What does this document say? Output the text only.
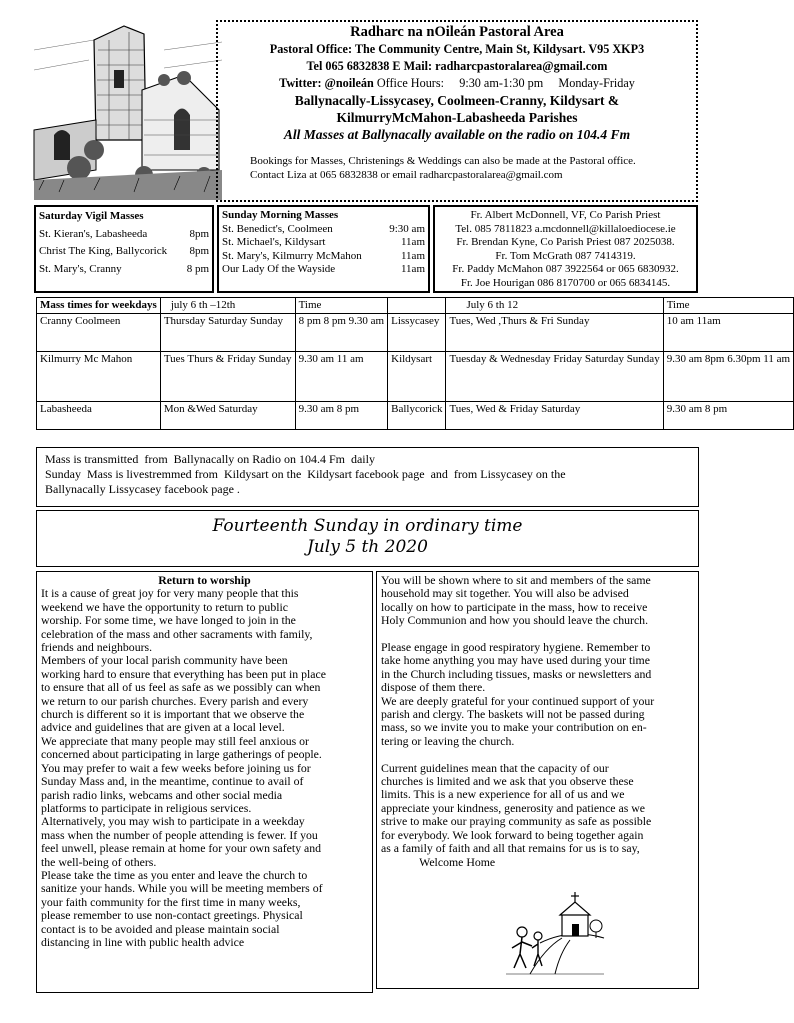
Radharc na nOileán Pastoral Area
Pastoral Office: The Community Centre, Main St, Kildysart. V95 XKP3
Tel 065 6832838 E Mail: radharcpastoralarea@gmail.com
Twitter: @noileán Office Hours:     9:30 am-1:30 pm     Monday-Friday
Ballynacally-Lissycasey, Coolmeen-Cranny, Kildysart &
KilmurryMcMahon-Labasheeda Parishes
All Masses at Ballynacally available on the radio on 104.4 Fm
Bookings for Masses, Christenings & Weddings can also be made at the Pastoral office.
Contact Liza at 065 6832838 or email radharcpastoralarea@gmail.com
Saturday Vigil Masses
St. Kieran's, Labasheeda	8pm
Christ The King, Ballycorick 8pm
St. Mary's, Cranny	8 pm
Sunday Morning Masses
St. Benedict's, Coolmeen	9:30 am
St. Michael's, Kildysart	11am
St. Mary's, Kilmurry McMahon	11am
Our Lady Of the Wayside	11am
Fr. Albert McDonnell, VF, Co Parish Priest
Tel. 085 7811823 a.mcdonnell@killaloediocese.ie
Fr. Brendan Kyne, Co Parish Priest 087 2025038.
Fr. Tom McGrath 087 7414319.
Fr. Paddy McMahon 087 3922564 or 065 6830932.
Fr. Joe Hourigan 086 8170700 or 065 6834145.
Mass times for weekdays	july 6 th –12th	Time		July 6 th 12	Time
Cranny Coolmeen	Thursday Saturday Sunday	8 pm 8 pm 9.30 am	Lissycasey	Tues, Wed ,Thurs & Fri Sunday	10 am 11am
Kilmurry Mc Mahon	Tues Thurs & Friday Sunday	9.30 am 11 am	Kildysart	Tuesday & Wednesday Friday Saturday Sunday	9.30 am 8pm 6.30pm 11 am
Labasheeda	Mon &Wed Saturday	9.30 am 8 pm	Ballycorick	Tues, Wed & Friday Saturday	9.30 am 8 pm
Mass is transmitted  from  Ballynacally on Radio on 104.4 Fm  daily
Sunday  Mass is livestremmed from  Kildysart on the  Kildysart facebook page  and  from Lissycasey on the
Ballynacally Lissycasey facebook page .
Fourteenth Sunday in ordinary time
July 5 th 2020
Return to worship
It is a cause of great joy for very many people that this
weekend we have the opportunity to return to public
worship. For some time, we have longed to join in the
celebration of the mass and other sacraments with family,
friends and neighbours.
Members of your local parish community have been
working hard to ensure that everything has been put in place
to ensure that all of us feel as safe as we possibly can when
we return to our parish churches. Every parish and every
church is different so it is important that we observe the
advice and guidelines that are given at a local level.
We appreciate that many people may still feel anxious or
concerned about participating in large gatherings of people.
You may prefer to wait a few weeks before joining us for
Sunday Mass and, in the meantime, continue to avail of
parish radio links, webcams and other social media
platforms to participate in religious services.
Alternatively, you may wish to participate in a weekday
mass when the number of people attending is fewer. If you
feel unwell, please remain at home for your own safety and
the well-being of others.
Please take the time as you enter and leave the church to
sanitize your hands. While you will be meeting members of
your faith community for the first time in many weeks,
please remember to use non-contact greetings. Physical
contact is to be avoided and please maintain social
distancing in line with public health advice
You will be shown where to sit and members of the same
household may sit together. You will also be advised
locally on how to participate in the mass, how to receive
Holy Communion and how you should leave the church.
Please engage in good respiratory hygiene. Remember to
take home anything you may have used during your time
in the Church including tissues, masks or newsletters and
dispose of them there.
We are deeply grateful for your continued support of your
parish and clergy. The baskets will not be passed during
mass, so we invite you to make your contribution on en-
tering or leaving the church.
Current guidelines mean that the capacity of our
churches is limited and we ask that you observe these
limits. This is a new experience for all of us and we
appreciate your kindness, generosity and patience as we
strive to make our praying community as safe as possible
for everybody. We look forward to being together again
as a family of faith and all that remains for us is to say,
Welcome Home
